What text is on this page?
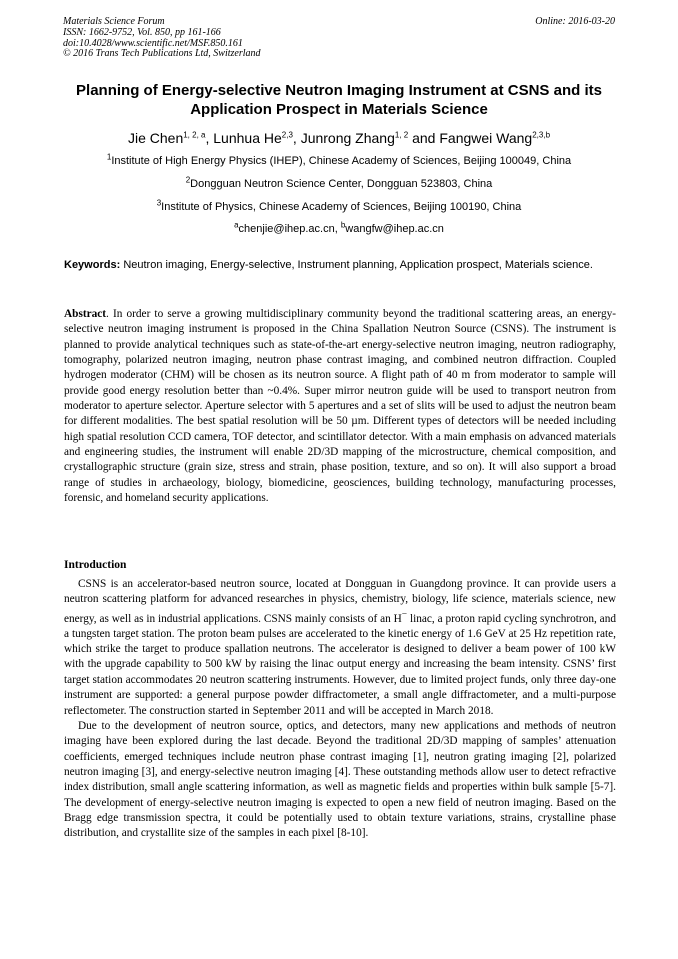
Materials Science Forum
ISSN: 1662-9752, Vol. 850, pp 161-166
doi:10.4028/www.scientific.net/MSF.850.161
© 2016 Trans Tech Publications Ltd, Switzerland
Online: 2016-03-20
Planning of Energy-selective Neutron Imaging Instrument at CSNS and its Application Prospect in Materials Science
Jie Chen$^{1, 2, a}$, Lunhua He$^{2,3}$, Junrong Zhang$^{1, 2}$ and Fangwei Wang$^{2,3,b}$
$^1$Institute of High Energy Physics (IHEP), Chinese Academy of Sciences, Beijing 100049, China
$^2$Dongguan Neutron Science Center, Dongguan 523803, China
$^3$Institute of Physics, Chinese Academy of Sciences, Beijing 100190, China
$^a$chenjie@ihep.ac.cn, $^b$wangfw@ihep.ac.cn
Keywords: Neutron imaging, Energy-selective, Instrument planning, Application prospect, Materials science.
Abstract. In order to serve a growing multidisciplinary community beyond the traditional scattering areas, an energy-selective neutron imaging instrument is proposed in the China Spallation Neutron Source (CSNS). The instrument is planned to provide analytical techniques such as state-of-the-art energy-selective neutron imaging, neutron radiography, tomography, polarized neutron imaging, neutron phase contrast imaging, and combined neutron diffraction. Coupled hydrogen moderator (CHM) will be chosen as its neutron source. A flight path of 40 m from moderator to sample will provide good energy resolution better than ~0.4%. Super mirror neutron guide will be used to transport neutron from moderator to aperture selector. Aperture selector with 5 apertures and a set of slits will be used to adjust the neutron beam for different modalities. The best spatial resolution will be 50 µm. Different types of detectors will be needed including high spatial resolution CCD camera, TOF detector, and scintillator detector. With a main emphasis on advanced materials and engineering studies, the instrument will enable 2D/3D mapping of the microstructure, chemical composition, and crystallographic structure (grain size, stress and strain, phase position, texture, and so on). It will also support a broad range of studies in archaeology, biology, biomedicine, geosciences, building technology, manufacturing processes, forensic, and homeland security applications.
Introduction

CSNS is an accelerator-based neutron source, located at Dongguan in Guangdong province. It can provide users a neutron scattering platform for advanced researches in physics, chemistry, biology, life science, materials science, new energy, as well as in industrial applications. CSNS mainly consists of an H− linac, a proton rapid cycling synchrotron, and a tungsten target station. The proton beam pulses are accelerated to the kinetic energy of 1.6 GeV at 25 Hz repetition rate, which strike the target to produce spallation neutrons. The accelerator is designed to deliver a beam power of 100 kW with the upgrade capability to 500 kW by raising the linac output energy and increasing the beam intensity. CSNS’ first target station accommodates 20 neutron scattering instruments. However, due to limited project funds, only three day-one instrument are supported: a general purpose powder diffractometer, a small angle diffractometer, and a multi-purpose reflectometer. The construction started in September 2011 and will be accepted in March 2018.

Due to the development of neutron source, optics, and detectors, many new applications and methods of neutron imaging have been explored during the last decade. Beyond the traditional 2D/3D mapping of samples’ attenuation coefficients, emerged techniques include neutron phase contrast imaging [1], neutron grating imaging [2], polarized neutron imaging [3], and energy-selective neutron imaging [4]. These outstanding methods allow user to detect refractive index distribution, small angle scattering information, as well as magnetic fields and properties within bulk sample [5-7]. The development of energy-selective neutron imaging is expected to open a new field of neutron imaging. Based on the Bragg edge transmission spectra, it could be potentially used to obtain texture variations, strains, crystalline phase distribution, and crystallite size of the samples in each pixel [8-10].
